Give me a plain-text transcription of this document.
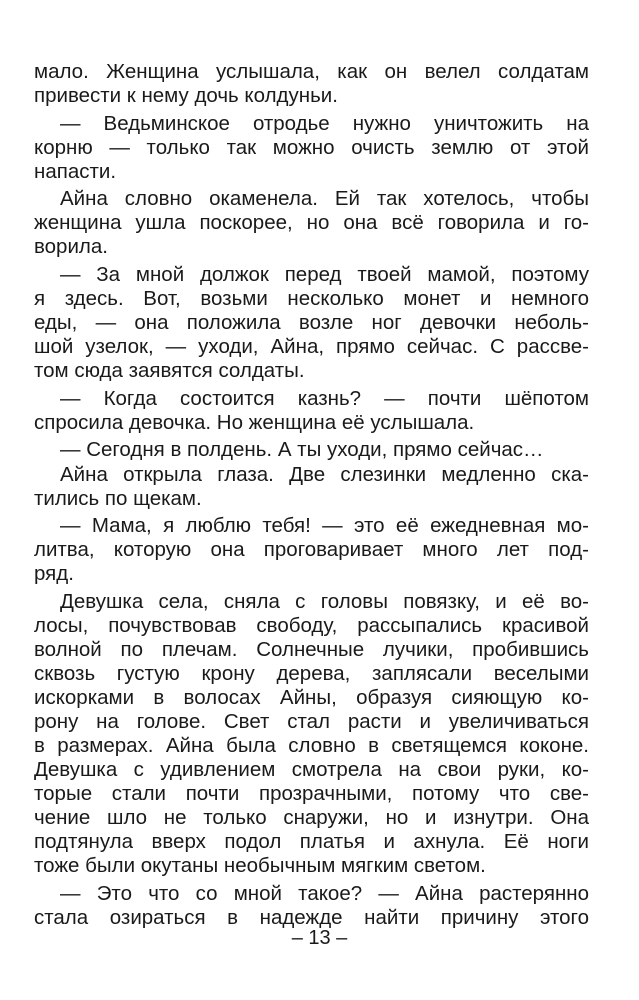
мало. Женщина услышала, как он велел солдатам
привести к нему дочь колдуньи.
— Ведьминское отродье нужно уничтожить на
корню — только так можно очисть землю от этой
напасти.
Айна словно окаменела. Ей так хотелось, чтобы
женщина ушла поскорее, но она всё говорила и го-
ворила.
— За мной должок перед твоей мамой, поэтому
я здесь. Вот, возьми несколько монет и немного
еды, — она положила возле ног девочки неболь-
шой узелок, — уходи, Айна, прямо сейчас. С рассве-
том сюда заявятся солдаты.
— Когда состоится казнь? — почти шёпотом
спросила девочка. Но женщина её услышала.
— Сегодня в полдень. А ты уходи, прямо сейчас…
Айна открыла глаза. Две слезинки медленно ска-
тились по щекам.
— Мама, я люблю тебя! — это её ежедневная мо-
литва, которую она проговаривает много лет под-
ряд.
Девушка села, сняла с головы повязку, и её во-
лосы, почувствовав свободу, рассыпались красивой
волной по плечам. Солнечные лучики, пробившись
сквозь густую крону дерева, заплясали веселыми
искорками в волосах Айны, образуя сияющую ко-
рону на голове. Свет стал расти и увеличиваться
в размерах. Айна была словно в светящемся коконе.
Девушка с удивлением смотрела на свои руки, ко-
торые стали почти прозрачными, потому что све-
чение шло не только снаружи, но и изнутри. Она
подтянула вверх подол платья и ахнула. Её ноги
тоже были окутаны необычным мягким светом.
— Это что со мной такое? — Айна растерянно
стала озираться в надежде найти причину этого
– 13 –
